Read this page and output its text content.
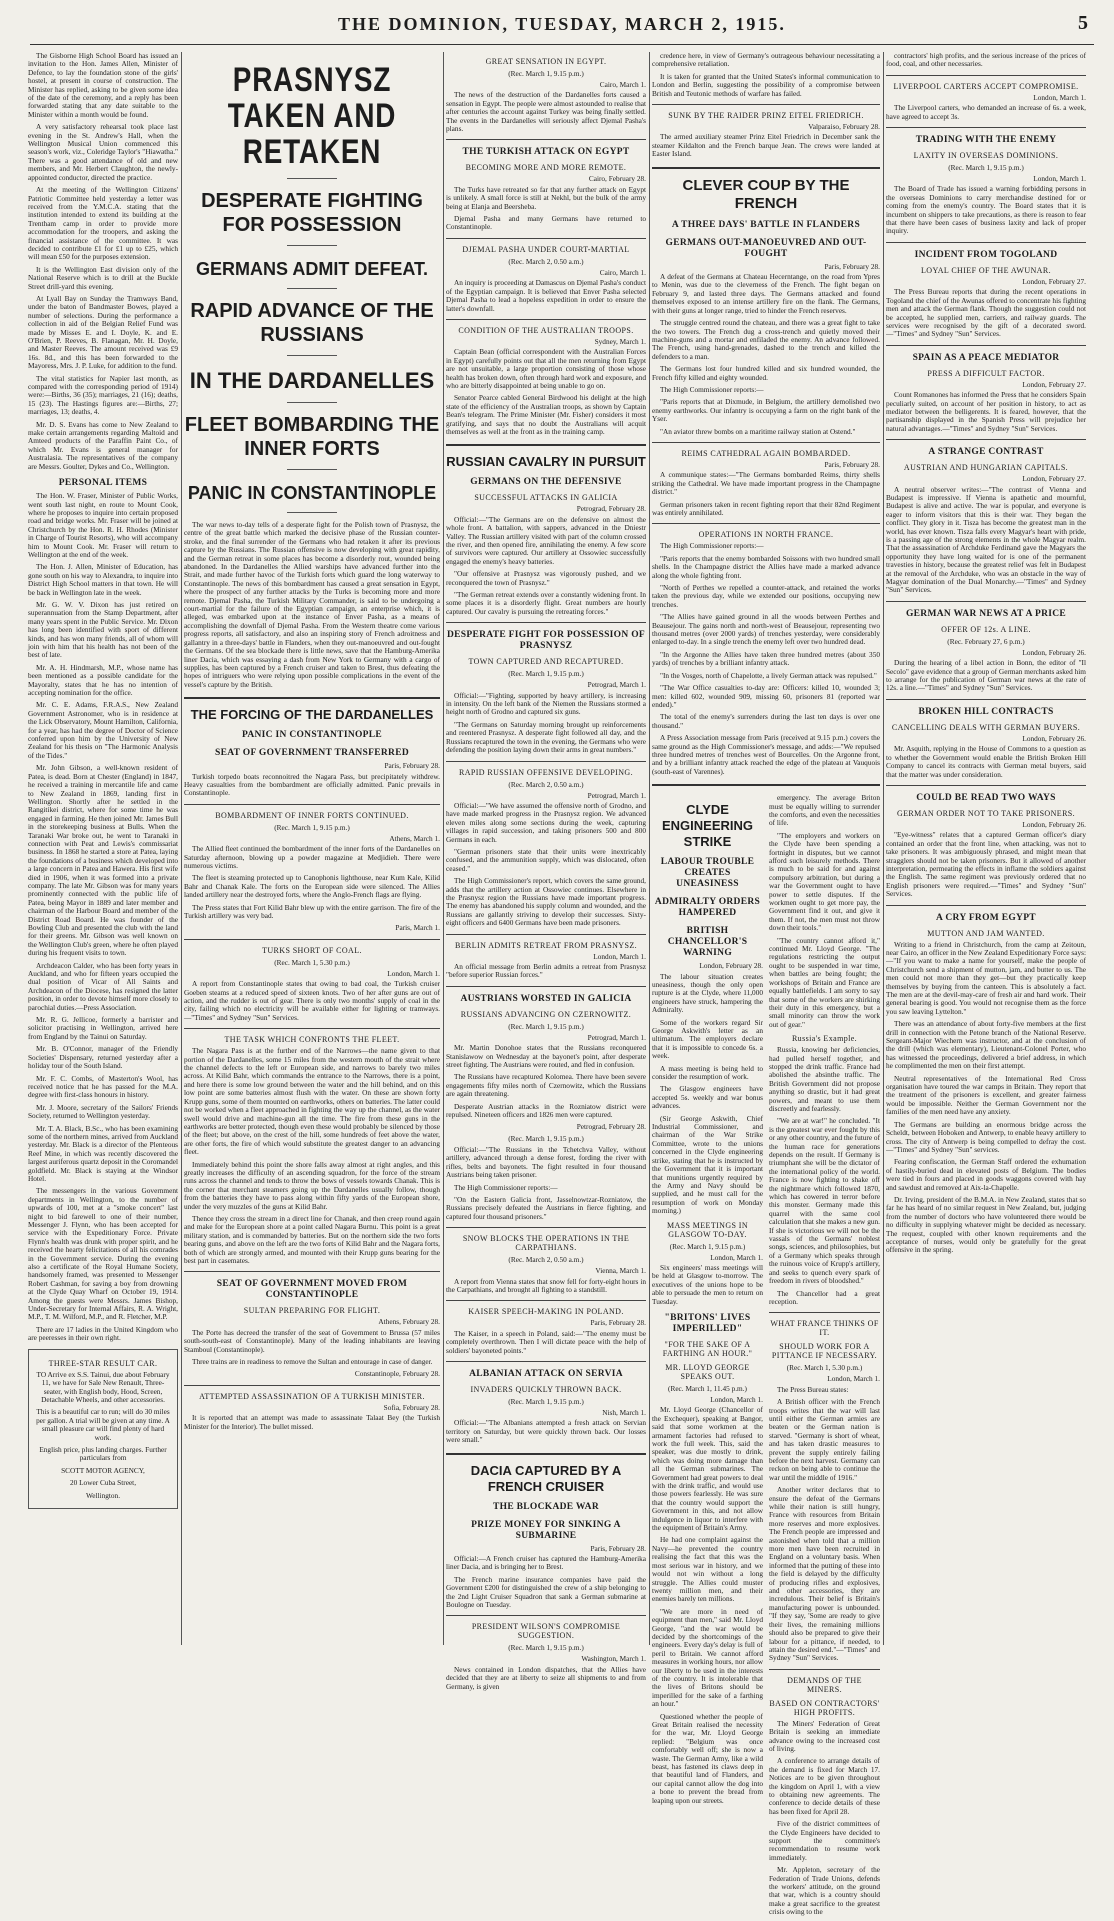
THE DOMINION, TUESDAY, MARCH 2, 1915.	5

The Gisborne High School Board has issued an invitation to the Hon. James Allen, Minister of Defence, to lay the foundation stone of the girls' hostel, at present in course of construction. The Minister has replied, asking to be given some idea of the date of the ceremony, and a reply has been forwarded stating that any date suitable to the Minister within a month would be found.

A very satisfactory rehearsal took place last evening in the St. Andrew's Hall, when the Wellington Musical Union commenced this season's work, viz., Coleridge Taylor's "Hiawatha." There was a good attendance of old and new members, and Mr. Herbert Claughton, the newly-appointed conductor, directed the practice.

At the meeting of the Wellington Citizens' Patriotic Committee held yesterday a letter was received from the Y.M.C.A. stating that the institution intended to extend its building at the Trentham camp in order to provide more accommodation for the troopers, and asking the financial assistance of the committee. It was decided to contribute £1 for £1 up to £25, which will mean £50 for the purposes extension.

It is the Wellington East division only of the National Reserve which is to drill at the Buckle Street drill-yard this evening.

At Lyall Bay on Sunday the Tramways Band, under the baton of Bandmaster Bowes, played a number of selections. During the performance a collection in aid of the Belgian Relief Fund was made by Misses E. and I. Doyle, K. and E. O'Brien, P. Reeves, B. Flanagan, Mr. H. Doyle, and Master Reeves. The amount received was £9 16s. 8d., and this has been forwarded to the Mayoress, Mrs. J. P. Luke, for addition to the fund.

The vital statistics for Napier last month, as compared with the corresponding period of 1914) were:—Births, 36 (35); marriages, 21 (16); deaths, 15 (23). The Hastings figures are:—Births, 27; marriages, 13; deaths, 4.

Mr. D. S. Evans has come to New Zealand to make certain arrangements regarding Maltoid and Amteed products of the Paraffin Paint Co., of which Mr. Evans is general manager for Australasia. The representatives of the company are Messrs. Goulter, Dykes and Co., Wellington.

PERSONAL ITEMS

The Hon. W. Fraser, Minister of Public Works, went south last night, en route to Mount Cook, where he proposes to inquire into certain proposed road and bridge works. Mr. Fraser will be joined at Christchurch by the Hon. R. H. Rhodes (Minister in Charge of Tourist Resorts), who will accompany him to Mount Cook. Mr. Fraser will return to Wellington at the end of the week.

The Hon. J. Allen, Minister of Education, has gone south on his way to Alexandra, to inquire into District High School matters in that town. He will be back in Wellington late in the week.

Mr. G. W. V. Dixon has just retired on superannuation from the Stamp Department, after many years spent in the Public Service. Mr. Dixon has long been identified with sport of different kinds, and has won many friends, all of whom will join with him that his health has not been of the best of late.

Mr. A. H. Hindmarsh, M.P., whose name has been mentioned as a possible candidate for the Mayoralty, states that he has no intention of accepting nomination for the office.

Mr. C. E. Adams, F.R.A.S., New Zealand Government Astronomer, who is in residence at the Lick Observatory, Mount Hamilton, California, for a year, has had the degree of Doctor of Science conferred upon him by the University of New Zealand for his thesis on "The Harmonic Analysis of the Tides."

Mr. John Gibson, a well-known resident of Patea, is dead. Born at Chester (England) in 1847, he received a training in mercantile life and came to New Zealand in 1869, landing first in Wellington. Shortly after he settled in the Rangitikei district, where for some time he was engaged in farming. He then joined Mr. James Bull in the storekeeping business at Bulls. When the Taranaki War broke out, he went to Taranaki in connection with Peat and Lewis's commissariat business. In 1868 he started a store at Patea, laying the foundations of a business which developed into a large concern in Patea and Hawera. His first wife died in 1906, when it was formed into a private company. The late Mr. Gibson was for many years prominently connected with the public life of Patea, being Mayor in 1889 and later member and chairman of the Harbour Board and member of the District Road Board. He was founder of the Bowling Club and presented the club with the land for their greens. Mr. Gibson was well known on the Wellington Club's green, where he often played during his frequent visits to town.

Archdeacon Calder, who has been forty years in Auckland, and who for fifteen years occupied the dual position of Vicar of All Saints and Archdeacon of the Diocese, has resigned the latter position, in order to devote himself more closely to parochial duties.—Press Association.

Mr. R. G. Jellicoe, formerly a barrister and solicitor practising in Wellington, arrived here from England by the Tainui on Saturday.

Mr. B. O'Connor, manager of the Friendly Societies' Dispensary, returned yesterday after a holiday tour of the South Island.

Mr. F. C. Combs, of Masterton's Wool, has received notice that he has passed for the M.A. degree with first-class honours in history.

Mr. J. Moore, secretary of the Sailors' Friends Society, returned to Wellington yesterday.

Mr. T. A. Black, B.Sc., who has been examining some of the northern mines, arrived from Auckland yesterday. Mr. Black is a director of the Plenteous Reef Mine, in which was recently discovered the largest auriferous quartz deposit in the Coromandel goldfield. Mr. Black is staying at the Windsor Hotel.

The messengers in the various Government departments in Wellington, to the number of upwards of 100, met at a "smoke concert" last night to bid farewell to one of their number, Messenger J. Flynn, who has been accepted for service with the Expeditionary Force. Private Flynn's health was drunk with proper spirit, and he received the hearty felicitations of all his comrades in the Government service. During the evening also a certificate of the Royal Humane Society, handsomely framed, was presented to Messenger Robert Cashman, for saving a boy from drowning at the Clyde Quay Wharf on October 19, 1914. Among the guests were Messrs. James Bishop, Under-Secretary for Internal Affairs, R. A. Wright, M.P., T. M. Wilford, M.P., and R. Fletcher, M.P.

There are 17 ladies in the United Kingdom who are peeresses in their own right.

THREE-STAR RESULT CAR.

TO Arrive ex S.S. Tainui, due about February 11, we have for Sale New Renault, Three-seater, with English body, Hood, Screen, Detachable Wheels, and other accessories.

This is a beautiful car to run; will do 30 miles per gallon. A trial will be given at any time. A small pleasure car will find plenty of hard work.

English price, plus landing charges. Further particulars from

SCOTT MOTOR AGENCY,

20 Lower Cuba Street,

Wellington.

PRASNYSZ TAKEN AND RETAKEN
DESPERATE FIGHTING FOR POSSESSION
GERMANS ADMIT DEFEAT.
RAPID ADVANCE OF THE RUSSIANS
IN THE DARDANELLES
FLEET BOMBARDING THE INNER FORTS
PANIC IN CONSTANTINOPLE

The war news to-day tells of a desperate fight for the Polish town of Prasnysz, the centre of the great battle which marked the decisive phase of the Russian counter-stroke, and the final surrender of the Germans who had retaken it after its previous capture by the Russians. The Russian offensive is now developing with great rapidity, and the German retreat in some places has become a disorderly rout, wounded being abandoned. In the Dardanelles the Allied warships have advanced further into the Strait, and made further havoc of the Turkish forts which guard the long waterway to Constantinople. The news of this bombardment has caused a great sensation in Egypt, where the prospect of any further attacks by the Turks is becoming more and more remote. Djemal Pasha, the Turkish Military Commander, is said to be undergoing a court-martial for the failure of the Egyptian campaign, an enterprise which, it is alleged, was embarked upon at the instance of Enver Pasha, as a means of accomplishing the downfall of Djemal Pasha. From the Western theatre come various progress reports, all satisfactory, and also an inspiring story of French adroitness and gallantry in a three-days' battle in Flanders, when they out-manoeuvred and out-fought the Germans. Of the sea blockade there is little news, save that the Hamburg-Amerika liner Dacia, which was essaying a dash from New York to Germany with a cargo of supplies, has been captured by a French cruiser and taken to Brest, thus defeating the hopes of intriguers who were relying upon possible complications in the event of the vessel's capture by the British.

THE FORCING OF THE DARDANELLES
PANIC IN CONSTANTINOPLE
SEAT OF GOVERNMENT TRANSFERRED
Paris, February 28.

Turkish torpedo boats reconnoitred the Nagara Pass, but precipitately withdrew. Heavy casualties from the bombardment are officially admitted. Panic prevails in Constantinople.

BOMBARDMENT OF INNER FORTS CONTINUED.
(Rec. March 1, 9.15 p.m.)
Athens, March 1.

The Allied fleet continued the bombardment of the inner forts of the Dardanelles on Saturday afternoon, blowing up a powder magazine at Medjidieh. There were numerous victims.

The fleet is steaming protected up to Canophonis lighthouse, near Kum Kale, Kilid Bahr and Chanak Kale. The forts on the European side were silenced. The Allies landed artillery near the destroyed forts, where the Anglo-French flags are flying.

The Press states that Fort Kilid Bahr blew up with the entire garrison. The fire of the Turkish artillery was very bad.

Paris, March 1.
TURKS SHORT OF COAL.
(Rec. March 1, 5.30 p.m.)
London, March 1.

A report from Constantinople states that owing to bad coal, the Turkish cruiser Goeben steams at a reduced speed of sixteen knots. Two of her after guns are out of action, and the rudder is out of gear. There is only two months' supply of coal in the city, failing which no electricity will be available either for lighting or tramways.—"Times" and Sydney "Sun" Services.

THE TASK WHICH CONFRONTS THE FLEET.

The Nagara Pass is at the further end of the Narrows—the name given to that portion of the Dardanelles, some 15 miles from the western mouth of the strait where the channel defects to the left or European side, and narrows to barely two miles across. At Kilid Bahr, which commands the entrance to the Narrows, there is a point, and here there is some low ground between the water and the hill behind, and on this low point are some batteries almost flush with the water. On these are shown forty Krupp guns, some of them mounted on earthworks, others on batteries. The latter could not be worked when a fleet approached in fighting the way up the channel, as the water swell would drive and machine-gun all the time. The fire from these guns in the earthworks are better protected, though even these would probably be silenced by those of the fleet; but above, on the crest of the hill, some hundreds of feet above the water, are other forts, the fire of which would substitute the greatest danger to an advancing fleet.

Immediately behind this point the shore falls away almost at right angles, and this greatly increases the difficulty of an ascending squadron, for the force of the stream runs across the channel and tends to throw the bows of vessels towards Chanak. This is the corner that merchant steamers going up the Dardanelles usually follow, though from the batteries they have to pass along within fifty yards of the European shore, under the very muzzles of the guns at Kilid Bahr.

Thence they cross the stream in a direct line for Chanak, and then creep round again and make for the European shore at a point called Nagara Burnu. This point is a great military station, and is commanded by batteries. But on the northern side the two forts bearing guns, and above on the left are the two forts of Kilid Bahr and the Nagara forts, both of which are strongly armed, and mounted with their Krupp guns bearing for the best part in casemates.

SEAT OF GOVERNMENT MOVED FROM CONSTANTINOPLE
SULTAN PREPARING FOR FLIGHT.
Athens, February 28.

The Porte has decreed the transfer of the seat of Government to Brussa (57 miles south-south-east of Constantinople). Many of the leading inhabitants are leaving Stamboul (Constantinople).

Three trains are in readiness to remove the Sultan and entourage in case of danger.

Constantinople, February 28.
ATTEMPTED ASSASSINATION OF A TURKISH MINISTER.
Sofia, February 28.

It is reported that an attempt was made to assassinate Talaat Bey (the Turkish Minister for the Interior). The bullet missed.

GREAT SENSATION IN EGYPT.
(Rec. March 1, 9.15 p.m.)
Cairo, March 1.

The news of the destruction of the Dardanelles forts caused a sensation in Egypt. The people were almost astounded to realise that after centuries the account against Turkey was being finally settled. The events in the Dardanelles will seriously affect Djemal Pasha's plans.

THE TURKISH ATTACK ON EGYPT
BECOMING MORE AND MORE REMOTE.
Cairo, February 28.

The Turks have retreated so far that any further attack on Egypt is unlikely. A small force is still at Nekhl, but the bulk of the army being at Elanja and Beersheba.

Djemal Pasha and many Germans have returned to Constantinople.

DJEMAL PASHA UNDER COURT-MARTIAL
(Rec. March 2, 0.50 a.m.)
Cairo, March 1.

An inquiry is proceeding at Damascus on Djemal Pasha's conduct of the Egyptian campaign. It is believed that Enver Pasha selected Djemal Pasha to lead a hopeless expedition in order to ensure the latter's downfall.

CONDITION OF THE AUSTRALIAN TROOPS.
Sydney, March 1.

Captain Bean (official correspondent with the Australian Forces in Egypt) carefully points out that all the men returning from Egypt are not unsuitable, a large proportion consisting of those whose health has broken down, often through hard work and exposure, and who are bitterly disappointed at being unable to go on.

Senator Pearce cabled General Birdwood his delight at the high state of the efficiency of the Australian troops, as shown by Captain Bean's telegram. The Prime Minister (Mr. Fisher) considers it most gratifying, and says that no doubt the Australians will acquit themselves as well at the front as in the training camp.

RUSSIAN CAVALRY IN PURSUIT
GERMANS ON THE DEFENSIVE
SUCCESSFUL ATTACKS IN GALICIA
Petrograd, February 28.

Official:—"The Germans are on the defensive on almost the whole front. A battalion, with sappers, advanced in the Dniestr Valley. The Russian artillery visited with part of the column crossed the river, and then opened fire, annihilating the enemy. A few score of survivors were captured. Our artillery at Ossowiec successfully engaged the enemy's heavy batteries.

"Our offensive at Prasnysz was vigorously pushed, and we reconquered the town of Prasnysz."

"The German retreat extends over a constantly widening front. In some places it is a disorderly flight. Great numbers are hourly captured. Our cavalry is pursuing the retreating forces."

DESPERATE FIGHT FOR POSSESSION OF PRASNYSZ
TOWN CAPTURED AND RECAPTURED.
(Rec. March 1, 9.15 p.m.)
Petrograd, March 1.

Official:—"Fighting, supported by heavy artillery, is increasing in intensity. On the left bank of the Niemen the Russians stormed a height north of Grodno and captured six guns.

"The Germans on Saturday morning brought up reinforcements and reentered Prasnysz. A desperate fight followed all day, and the Russians recaptured the town in the evening, the Germans who were defending the position laying down their arms in great numbers."

RAPID RUSSIAN OFFENSIVE DEVELOPING.
(Rec. March 2, 0.50 a.m.)
Petrograd, March 1.

Official:—"We have assumed the offensive north of Grodno, and have made marked progress in the Prasnysz region. We advanced eleven miles along some sections during the week, capturing villages in rapid succession, and taking prisoners 500 and 800 Germans in each.

"German prisoners state that their units were inextricably confused, and the ammunition supply, which was dislocated, often ceased."

The High Commissioner's report, which covers the same ground, adds that the artillery action at Ossowiec continues. Elsewhere in the Prasnysz region the Russians have made important progress. The enemy has abandoned his supply column and wounded, and the Russians are gallantly striving to develop their successes. Sixty-eight officers and 6400 Germans have been made prisoners.

BERLIN ADMITS RETREAT FROM PRASNYSZ.
London, March 1.

An official message from Berlin admits a retreat from Prasnysz "before superior Russian forces."

AUSTRIANS WORSTED IN GALICIA
RUSSIANS ADVANCING ON CZERNOWITZ.
(Rec. March 1, 9.15 p.m.)
Petrograd, March 1.

Mr. Martin Donohoe states that the Russians reconquered Stanislawow on Wednesday at the bayonet's point, after desperate street fighting. The Austrians were routed, and fled in confusion.

The Russians have recaptured Kolomea. There have been severe engagements fifty miles north of Czernowitz, which the Russians are again threatening.

Desperate Austrian attacks in the Rozniatow district were repulsed. Nineteen officers and 1826 men were captured.

Petrograd, February 28.
(Rec. March 1, 9.15 p.m.)

Official:—"The Russians in the Tchetchva Valley, without artillery, advanced through a dense forest, fording the river with rifles, belts and bayonets. The fight resulted in four thousand Austrians being taken prisoner.

The High Commissioner reports:—

"On the Eastern Galicia front, Jasselnowtzar-Rozniatow, the Russians precisely defeated the Austrians in fierce fighting, and captured four thousand prisoners."

SNOW BLOCKS THE OPERATIONS IN THE CARPATHIANS.
(Rec. March 2, 0.50 a.m.)
Vienna, March 1.

A report from Vienna states that snow fell for forty-eight hours in the Carpathians, and brought all fighting to a standstill.

KAISER SPEECH-MAKING IN POLAND.
Paris, February 28.

The Kaiser, in a speech in Poland, said:—"The enemy must be completely overthrown. Then I will dictate peace with the help of soldiers' bayoneted points."

ALBANIAN ATTACK ON SERVIA
INVADERS QUICKLY THROWN BACK.
(Rec. March 1, 9.15 p.m.)
Nish, March 1.

Official:—"The Albanians attempted a fresh attack on Servian territory on Saturday, but were quickly thrown back. Our losses were small."

DACIA CAPTURED BY A FRENCH CRUISER
THE BLOCKADE WAR
PRIZE MONEY FOR SINKING A SUBMARINE
Paris, February 28.

Official:—A French cruiser has captured the Hamburg-Amerika liner Dacia, and is bringing her to Brest.

The French marine insurance companies have paid the Government £200 for distinguished the crew of a ship belonging to the 2nd Light Cruiser Squadron that sank a German submarine at Boulogne on Tuesday.

PRESIDENT WILSON'S COMPROMISE SUGGESTION.
(Rec. March 1, 9.15 p.m.)
Washington, March 1.

News contained in London dispatches, that the Allies have decided that they are at liberty to seize all shipments to and from Germany, is given

credence here, in view of Germany's outrageous behaviour necessitating a comprehensive retaliation.

It is taken for granted that the United States's informal communication to London and Berlin, suggesting the possibility of a compromise between British and Teutonic methods of warfare has failed.

SUNK BY THE RAIDER PRINZ EITEL FRIEDRICH.
Valparaiso, February 28.

The armed auxiliary steamer Prinz Eitel Friedrich in December sank the steamer Kildalton and the French barque Jean. The crews were landed at Easter Island.

CLEVER COUP BY THE FRENCH
A THREE DAYS' BATTLE IN FLANDERS
GERMANS OUT-MANOEUVRED AND OUT-FOUGHT
Paris, February 28.

A defeat of the Germans at Chateau Hecerntange, on the road from Ypres to Menin, was due to the cleverness of the French. The fight began on February 9, and lasted three days. The Germans attacked and found themselves exposed to an intense artillery fire on the flank. The Germans, with their guns at longer range, tried to hinder the French reserves.

The struggle centred round the chateau, and there was a great fight to take the two towers. The French dug a cross-trench and quietly moved their machine-guns and a mortar and enfiladed the enemy. An advance followed. The French, using hand-grenades, dashed to the trench and killed the defenders to a man.

The Germans lost four hundred killed and six hundred wounded, the French fifty killed and eighty wounded.

The High Commissioner reports:—

"Paris reports that at Dixmude, in Belgium, the artillery demolished two enemy earthworks. Our infantry is occupying a farm on the right bank of the Yser.

"An aviator threw bombs on a maritime railway station at Ostend."

REIMS CATHEDRAL AGAIN BOMBARDED.
Paris, February 28.

A communique states:—"The Germans bombarded Reims, thirty shells striking the Cathedral. We have made important progress in the Champagne district."

German prisoners taken in recent fighting report that their 82nd Regiment was entirely annihilated.

OPERATIONS IN NORTH FRANCE.

The High Commissioner reports:—

"Paris reports that the enemy bombarded Soissons with two hundred small shells. In the Champagne district the Allies have made a marked advance along the whole fighting front.

"North of Perthes we repelled a counter-attack, and retained the works taken the previous day, while we extended our positions, occupying new trenches.

"The Allies have gained ground in all the woods between Perthes and Beausejour. The gains north and north-west of Beausejour, representing two thousand metres (over 2000 yards) of trenches yesterday, were considerably enlarged to-day. In a single trench the enemy left over two hundred dead.

"In the Argonne the Allies have taken three hundred metres (about 350 yards) of trenches by a brilliant infantry attack.

"In the Vosges, north of Chapelotte, a lively German attack was repulsed."

"The War Office casualties to-day are: Officers: killed 10, wounded 3; men: killed 602, wounded 909, missing 60, prisoners 81 (reported war ended)."

The total of the enemy's surrenders during the last ten days is over one thousand."

A Press Association message from Paris (received at 9.15 p.m.) covers the same ground as the High Commissioner's message, and adds:—"We repulsed three hundred metres of trenches west of Bourcelles. On the Argonne front, and by a brilliant infantry attack reached the edge of the plateau at Vauquois (south-east of Varennes).

CLYDE ENGINEERING STRIKE
LABOUR TROUBLE CREATES UNEASINESS
ADMIRALTY ORDERS HAMPERED
BRITISH CHANCELLOR'S WARNING
London, February 28.

The labour situation creates uneasiness, though the only open rupture is at the Clyde, where 11,000 engineers have struck, hampering the Admiralty.

Some of the workers regard Sir George Askwith's letter as an ultimatum. The employers declare that it is impossible to concede 6s. a week.

A mass meeting is being held to consider the resumption of work.

The Glasgow engineers have accepted 5s. weekly and war bonus advances.

(Sir George Askwith, Chief Industrial Commissioner, and chairman of the War Strike Committee, wrote to the unions concerned in the Clyde engineering strike, stating that he is instructed by the Government that it is important that munitions urgently required by the Army and Navy should be supplied, and he must call for the resumption of work on Monday morning.)

MASS MEETINGS IN GLASGOW TO-DAY.
(Rec. March 1, 9.15 p.m.)
London, March 1.

Six engineers' mass meetings will be held at Glasgow to-morrow. The executives of the unions hope to be able to persuade the men to return on Tuesday.

"BRITONS' LIVES IMPERILLED"
"FOR THE SAKE OF A FARTHING AN HOUR."
MR. LLOYD GEORGE SPEAKS OUT.
(Rec. March 1, 11.45 p.m.)
London, March 1.

Mr. Lloyd George (Chancellor of the Exchequer), speaking at Bangor, said that some workmen at the armament factories had refused to work the full week. This, said the speaker, was due mostly to drink, which was doing more damage than all the German submarines. The Government had great powers to deal with the drink traffic, and would use those powers fearlessly. He was sure that the country would support the Government in this, and not allow indulgence in liquor to interfere with the equipment of Britain's Army.

He had one complaint against the Navy—he prevented the country realising the fact that this was the most serious war in history, and we would not win without a long struggle. The Allies could muster twenty million men, and their enemies barely ten millions.

"We are more in need of equipment than men," said Mr. Lloyd George, "and the war would be decided by the shortcomings of the engineers. Every day's delay is full of peril to Britain. We cannot afford measures in working hours, nor allow our liberty to be used in the interests of the country. It is intolerable that the lives of Britons should be imperilled for the sake of a farthing an hour."

Questioned whether the people of Great Britain realised the necessity for the war, Mr. Lloyd George replied: "Belgium was once comfortably well off; she is now a waste. The German Army, like a wild beast, has fastened its claws deep in that beautiful land of Flanders, and our capital cannot allow the dog into a bone to prevent the bread from leaping upon our streets.

emergency. The average Briton must be equally willing to surrender the comforts, and even the necessities of life.

"The employers and workers on the Clyde have been spending a fortnight in disputes, but we cannot afford such leisurely methods. There is much to be said for and against compulsory arbitration, but during a war the Government ought to have power to settle disputes. If the workmen ought to get more pay, the Government find it out, and give it them. If not, the men must not throw down their tools."

"The country cannot afford it," continued Mr. Lloyd George. "The regulations restricting the output ought to be suspended in war time, when battles are being fought; the workshops of Britain and France are equally battlefields. I am sorry to say that some of the workers are shirking their duty in this emergency, but a small minority can throw the work out of gear."

Russia's Example.

Russia, knowing her deficiencies, had pulled herself together, and stopped the drink traffic. France had abolished the absinthe traffic. The British Government did not propose anything so drastic, but it had great powers, and meant to use them discreetly and fearlessly.

"We are at war!" he concluded. "It is the greatest war ever fought by this or any other country, and the future of the human race for generations depends on the result. If Germany is triumphant she will be the dictator of the international policy of the world. France is now fighting to shake off the nightmare which followed 1870, which has cowered in terror before this monster. Germany made this quarrel with the same cool calculation that she makes a new gun. If she is victorious we will not be the vassals of the Germans' noblest songs, sciences, and philosophies, but of a Germany which speaks through the ruinous voice of Krupp's artillery, and seeks to quench every spark of freedom in rivers of bloodshed."

The Chancellor had a great reception.

WHAT FRANCE THINKS OF IT.
SHOULD WORK FOR A PITTANCE IF NECESSARY.
(Rec. March 1, 5.30 p.m.)
London, March 1.

The Press Bureau states:

A British officer with the French troops writes that the war will last until either the German armies are beaten or the German nation is starved. "Germany is short of wheat, and has taken drastic measures to prevent the supply entirely failing before the next harvest. Germany can reckon on being able to continue the war until the middle of 1916."

Another writer declares that to ensure the defeat of the Germans while their nation is still hungry, France with resources from Britain more reserves and more explosives. The French people are impressed and astonished when told that a million more men have been recruited in England on a voluntary basis. When informed that the putting of these into the field is delayed by the difficulty of producing rifles and explosives, and other accessories, they are incredulous. Their belief is Britain's manufacturing power is unbounded. "If they say, 'Some are ready to give their lives, the remaining millions should also be prepared to give their labour for a pittance, if needed, to attain the desired end."—"Times" and Sydney "Sun" Services.

DEMANDS OF THE MINERS.
BASED ON CONTRACTORS' HIGH PROFITS.

The Miners' Federation of Great Britain is seeking an immediate advance owing to the increased cost of living.

A conference to arrange details of the demand is fixed for March 17. Notices are to be given throughout the kingdom on April 1, with a view to obtaining new agreements. The conference to decide details of these has been fixed for April 28.

Five of the district committees of the Clyde Engineers have decided to support the committee's recommendation to resume work immediately.

Mr. Appleton, secretary of the Federation of Trade Unions, defends the workers' attitude, on the ground that war, which is a country should make a great sacrifice to the greatest crisis owing to the

contractors' high profits, and the serious increase of the prices of food, coal, and other necessaries.

LIVERPOOL CARTERS ACCEPT COMPROMISE.
London, March 1.

The Liverpool carters, who demanded an increase of 6s. a week, have agreed to accept 3s.

TRADING WITH THE ENEMY
LAXITY IN OVERSEAS DOMINIONS.
(Rec. March 1, 9.15 p.m.)
London, March 1.

The Board of Trade has issued a warning forbidding persons in the overseas Dominions to carry merchandise destined for or coming from the enemy's country. The Board states that it is incumbent on shippers to take precautions, as there is reason to fear that there have been cases of business laxity and lack of proper inquiry.

INCIDENT FROM TOGOLAND
LOYAL CHIEF OF THE AWUNAR.
London, February 27.

The Press Bureau reports that during the recent operations in Togoland the chief of the Awunas offered to concentrate his fighting men and attack the German flank. Though the suggestion could not be accepted, he supplied men, carriers, and railway guards. The services were recognised by the gift of a decorated sword.—"Times" and Sydney "Sun" Services.

SPAIN AS A PEACE MEDIATOR
PRESS A DIFFICULT FACTOR.
London, February 27.

Count Romanones has informed the Press that he considers Spain peculiarly suited, on account of her position in history, to act as mediator between the belligerents. It is feared, however, that the partisanship displayed in the Spanish Press will prejudice her natural advantages.—"Times" and Sydney "Sun" Services.

A STRANGE CONTRAST
AUSTRIAN AND HUNGARIAN CAPITALS.
London, February 27.

A neutral observer writes:—"The contrast of Vienna and Budapest is impressive. If Vienna is apathetic and mournful, Budapest is alive and active. The war is popular, and everyone is eager to inform visitors that this is their war. They began the conflict. They glory in it. Tisza has become the greatest man in the world, has ever known. Tisza falls every Magyar's heart with pride, is a passing age of the strong elements in the whole Magyar realm. That the assassination of Archduke Ferdinand gave the Magyars the opportunity they have long waited for is one of the permanent travesties in history, because the greatest relief was felt in Budapest at the removal of the Archduke, who was an obstacle in the way of Magyar domination of the Dual Monarchy.—"Times" and Sydney "Sun" Services.

GERMAN WAR NEWS AT A PRICE
OFFER OF 12s. A LINE.
(Rec. February 27, 6 p.m.)
London, February 26.

During the hearing of a libel action in Bonn, the editor of "Il Secolo" gave evidence that a group of German merchants asked him to arrange for the publication of German war news at the rate of 12s. a line.—"Times" and Sydney "Sun" Services.

BROKEN HILL CONTRACTS
CANCELLING DEALS WITH GERMAN BUYERS.
London, February 26.

Mr. Asquith, replying in the House of Commons to a question as to whether the Government would enable the British Broken Hill Company to cancel its contracts with German metal buyers, said that the matter was under consideration.

COULD BE READ TWO WAYS
GERMAN ORDER NOT TO TAKE PRISONERS.
London, February 26.

"Eye-witness" relates that a captured German officer's diary contained an order that the front line, when attacking, was not to take prisoners. It was ambiguously phrased, and might mean that stragglers should not be taken prisoners. But it allowed of another interpretation, permeating the effects in inflame the soldiers against the English. The same regiment was previously ordered that no English prisoners were required.—"Times" and Sydney "Sun" Services.

A CRY FROM EGYPT
MUTTON AND JAM WANTED.

Writing to a friend in Christchurch, from the camp at Zeitoun, near Cairo, an officer in the New Zealand Expeditionary Force says:—"If you want to make a name for yourself, make the people of Christchurch send a shipment of mutton, jam, and butter to us. The men could not more than they get—but they practically keep themselves by buying from the canteen. This is absolutely a fact. The men are at the devil-may-care of fresh air and hard work. Their general bearing is good. You would not recognise them as the force you saw leaving Lyttelton."

There was an attendance of about forty-five members at the first drill in connection with the Petone branch of the National Reserve. Sergeant-Major Wiechern was instructor, and at the conclusion of the drill (which was elementary), Lieutenant-Colonel Porter, who has witnessed the proceedings, delivered a brief address, in which he complimented the men on their first attempt.

Neutral representatives of the International Red Cross organisation have toured the war camps in Britain. They report that the treatment of the prisoners is excellent, and greater fairness would be impossible. Neither the German Government nor the families of the men need have any anxiety.

The Germans are building an enormous bridge across the Scheldt, between Hoboken and Antwerp, to enable heavy artillery to cross. The city of Antwerp is being compelled to defray the cost.—"Times" and Sydney "Sun" services.

Fearing confiscation, the German Staff ordered the exhumation of hastily-buried dead in elevated posts of Belgium. The bodies were tied in fours and placed in goods waggons covered with hay and sawdust and removed at Aix-la-Chapelle.

Dr. Irving, president of the B.M.A. in New Zealand, states that so far he has heard of no similar request in New Zealand, but, judging from the number of doctors who have volunteered there would be no difficulty in supplying whatever might be decided as necessary. The request, coupled with other known requirements and the acceptance of nurses, would only be gratefully for the great offensive in the spring.
